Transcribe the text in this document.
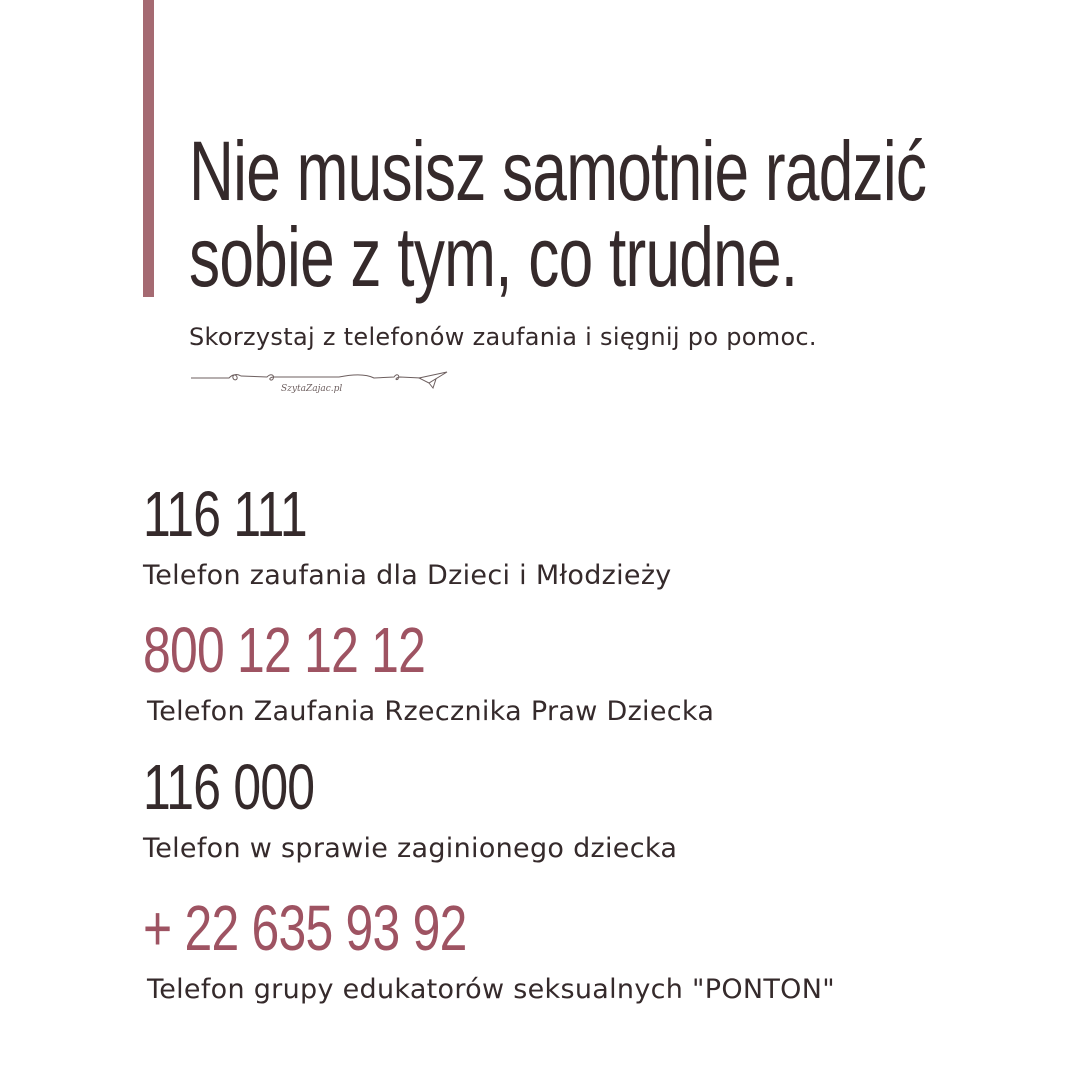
Nie musisz samotnie radzić
sobie z tym, co trudne.

Skorzystaj z telefonów zaufania i sięgnij po pomoc.

SzytaZajac.pl
116 111
Telefon zaufania dla Dzieci i Młodzieży
800 12 12 12
Telefon Zaufania Rzecznika Praw Dziecka
116 000
Telefon w sprawie zaginionego dziecka
+ 22 635 93 92
Telefon grupy edukatorów seksualnych "PONTON"
